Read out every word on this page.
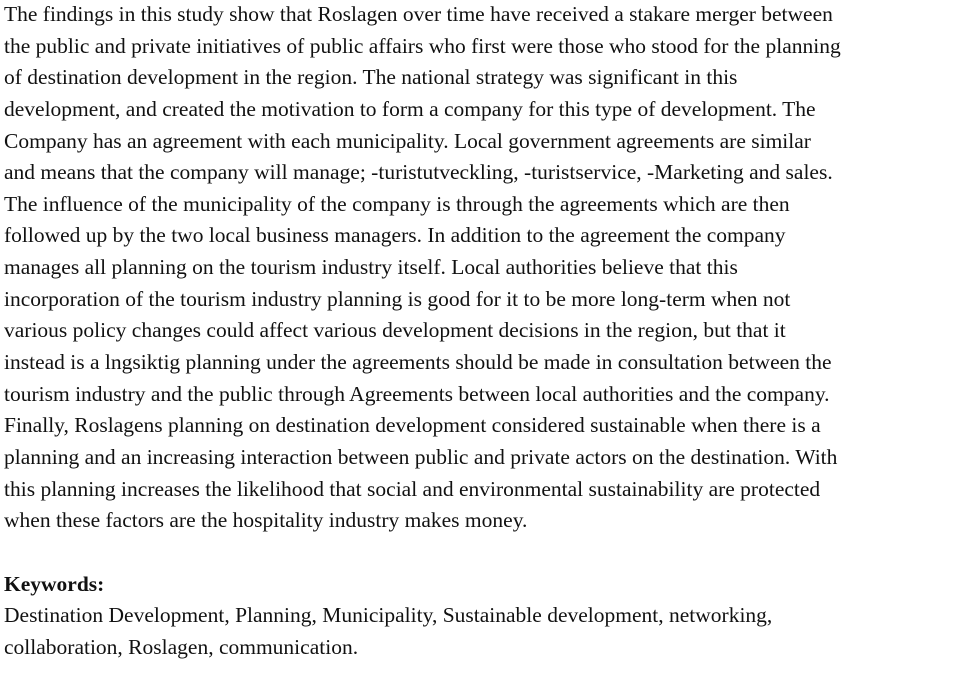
The findings in this study show that Roslagen over time have received a stakare merger between
the public and private initiatives of public affairs who first were those who stood for the planning
of destination development in the region. The national strategy was significant in this
development, and created the motivation to form a company for this type of development. The
Company has an agreement with each municipality. Local government agreements are similar
and means that the company will manage; -turistutveckling, -turistservice, -Marketing and sales.
The influence of the municipality of the company is through the agreements which are then
followed up by the two local business managers. In addition to the agreement the company
manages all planning on the tourism industry itself. Local authorities believe that this
incorporation of the tourism industry planning is good for it to be more long-term when not
various policy changes could affect various development decisions in the region, but that it
instead is a lngsiktig planning under the agreements should be made in consultation between the
tourism industry and the public through Agreements between local authorities and the company.
Finally, Roslagens planning on destination development considered sustainable when there is a
planning and an increasing interaction between public and private actors on the destination. With
this planning increases the likelihood that social and environmental sustainability are protected
when these factors are the hospitality industry makes money.
Keywords:
Destination Development, Planning, Municipality, Sustainable development, networking,
collaboration, Roslagen, communication.
